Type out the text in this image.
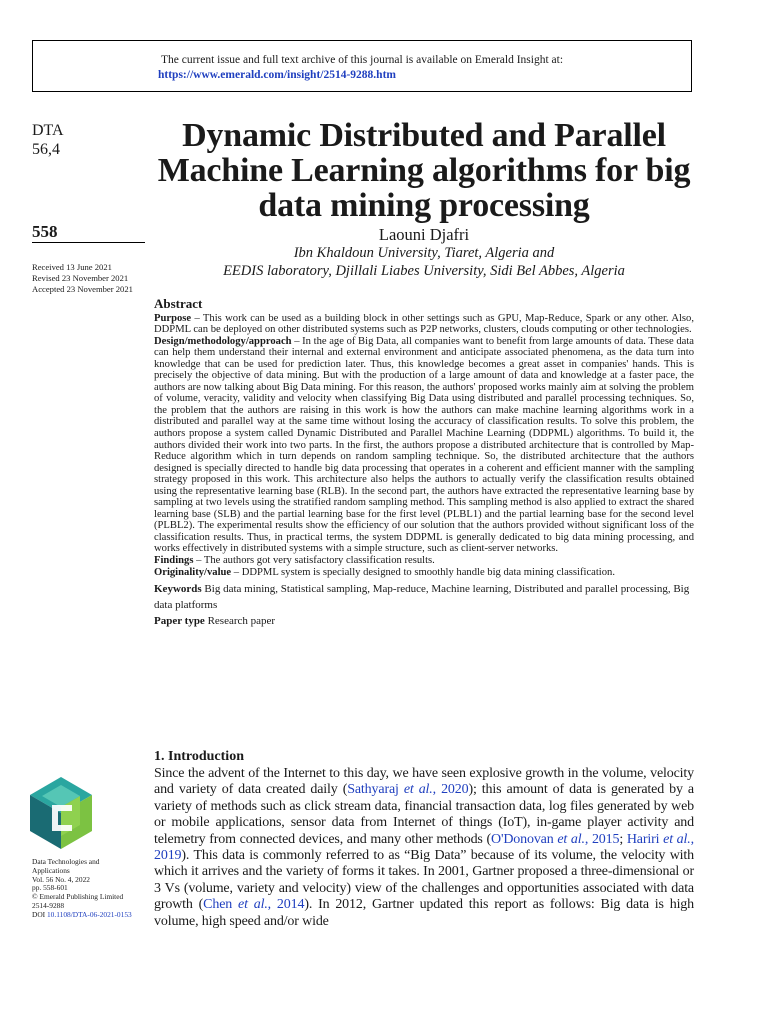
The current issue and full text archive of this journal is available on Emerald Insight at:
https://www.emerald.com/insight/2514-9288.htm
DTA
56,4
558
Received 13 June 2021
Revised 23 November 2021
Accepted 23 November 2021
Dynamic Distributed and Parallel Machine Learning algorithms for big data mining processing
Laouni Djafri
Ibn Khaldoun University, Tiaret, Algeria and
EEDIS laboratory, Djillali Liabes University, Sidi Bel Abbes, Algeria
Abstract

Purpose – This work can be used as a building block in other settings such as GPU, Map-Reduce, Spark or any other. Also, DDPML can be deployed on other distributed systems such as P2P networks, clusters, clouds computing or other technologies.

Design/methodology/approach – In the age of Big Data, all companies want to benefit from large amounts of data. These data can help them understand their internal and external environment and anticipate associated phenomena, as the data turn into knowledge that can be used for prediction later. Thus, this knowledge becomes a great asset in companies' hands. This is precisely the objective of data mining. But with the production of a large amount of data and knowledge at a faster pace, the authors are now talking about Big Data mining. For this reason, the authors' proposed works mainly aim at solving the problem of volume, veracity, validity and velocity when classifying Big Data using distributed and parallel processing techniques. So, the problem that the authors are raising in this work is how the authors can make machine learning algorithms work in a distributed and parallel way at the same time without losing the accuracy of classification results. To solve this problem, the authors propose a system called Dynamic Distributed and Parallel Machine Learning (DDPML) algorithms. To build it, the authors divided their work into two parts. In the first, the authors propose a distributed architecture that is controlled by Map-Reduce algorithm which in turn depends on random sampling technique. So, the distributed architecture that the authors designed is specially directed to handle big data processing that operates in a coherent and efficient manner with the sampling strategy proposed in this work. This architecture also helps the authors to actually verify the classification results obtained using the representative learning base (RLB). In the second part, the authors have extracted the representative learning base by sampling at two levels using the stratified random sampling method. This sampling method is also applied to extract the shared learning base (SLB) and the partial learning base for the first level (PLBL1) and the partial learning base for the second level (PLBL2). The experimental results show the efficiency of our solution that the authors provided without significant loss of the classification results. Thus, in practical terms, the system DDPML is generally dedicated to big data mining processing, and works effectively in distributed systems with a simple structure, such as client-server networks.

Findings – The authors got very satisfactory classification results.

Originality/value – DDPML system is specially designed to smoothly handle big data mining classification.

Keywords Big data mining, Statistical sampling, Map-reduce, Machine learning, Distributed and parallel processing, Big data platforms

Paper type Research paper

1. Introduction

Since the advent of the Internet to this day, we have seen explosive growth in the volume, velocity and variety of data created daily (Sathyaraj et al., 2020); this amount of data is generated by a variety of methods such as click stream data, financial transaction data, log files generated by web or mobile applications, sensor data from Internet of things (IoT), in-game player activity and telemetry from connected devices, and many other methods (O'Donovan et al., 2015; Hariri et al., 2019). This data is commonly referred to as “Big Data” because of its volume, the velocity with which it arrives and the variety of forms it takes. In 2001, Gartner proposed a three-dimensional or 3 Vs (volume, variety and velocity) view of the challenges and opportunities associated with data growth (Chen et al., 2014). In 2012, Gartner updated this report as follows: Big data is high volume, high speed and/or wide

Data Technologies and
Applications
Vol. 56 No. 4, 2022
pp. 558-601
© Emerald Publishing Limited
2514-9288
DOI 10.1108/DTA-06-2021-0153
